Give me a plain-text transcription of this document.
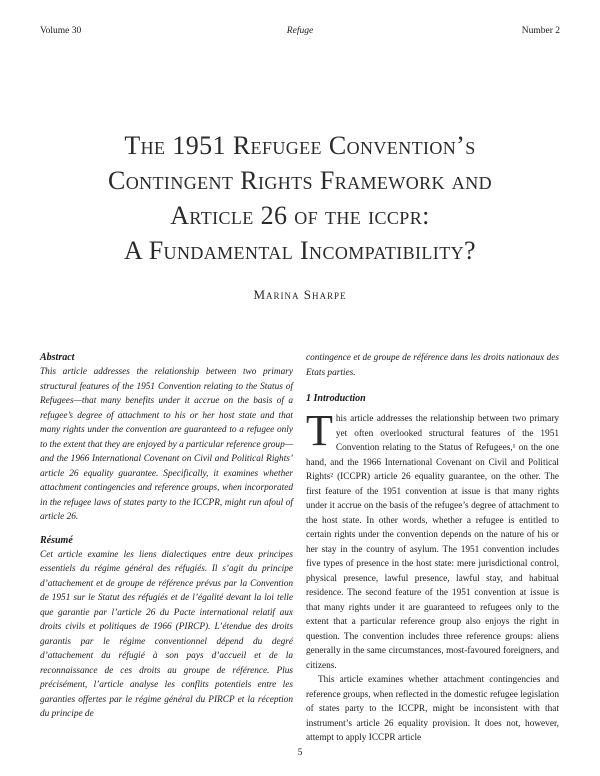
Volume 30	Refuge	Number 2
The 1951 Refugee Convention’s
Contingent Rights Framework and
Article 26 of the iccpr:
A Fundamental Incompatibility?
Marina Sharpe

Abstract

This article addresses the relationship between two primary structural features of the 1951 Convention relating to the Status of Refugees—that many benefits under it accrue on the basis of a refugee’s degree of attachment to his or her host state and that many rights under the convention are guaranteed to a refugee only to the extent that they are enjoyed by a particular reference group—and the 1966 International Covenant on Civil and Political Rights’ article 26 equality guarantee. Specifically, it examines whether attachment contingencies and reference groups, when incorporated in the refugee laws of states party to the ICCPR, might run afoul of article 26.

Résumé

Cet article examine les liens dialectiques entre deux principes essentiels du régime général des réfugiés. Il s’agit du principe d’attachement et de groupe de référence prévus par la Convention de 1951 sur le Statut des réfugiés et de l’égalité devant la loi telle que garantie par l’article 26 du Pacte international relatif aux droits civils et politiques de 1966 (PIRCP). L’étendue des droits garantis par le régime conventionnel dépend du degré d’attachement du réfugié à son pays d’accueil et de la reconnaissance de ces droits au groupe de référence. Plus précisément, l’article analyse les conflits potentiels entre les garanties offertes par le régime général du PIRCP et la réception du principe de

contingence et de groupe de référence dans les droits nationaux des Etats parties.

1 Introduction

This article addresses the relationship between two primary yet often overlooked structural features of the 1951 Convention relating to the Status of Refugees,¹ on the one hand, and the 1966 International Covenant on Civil and Political Rights² (ICCPR) article 26 equality guarantee, on the other. The first feature of the 1951 convention at issue is that many rights under it accrue on the basis of the refugee’s degree of attachment to the host state. In other words, whether a refugee is entitled to certain rights under the convention depends on the nature of his or her stay in the country of asylum. The 1951 convention includes five types of presence in the host state: mere jurisdictional control, physical presence, lawful presence, lawful stay, and habitual residence. The second feature of the 1951 convention at issue is that many rights under it are guaranteed to refugees only to the extent that a particular reference group also enjoys the right in question. The convention includes three reference groups: aliens generally in the same circumstances, most-favoured foreigners, and citizens.

This article examines whether attachment contingencies and reference groups, when reflected in the domestic refugee legislation of states party to the ICCPR, might be inconsistent with that instrument’s article 26 equality provision. It does not, however, attempt to apply ICCPR article

5
